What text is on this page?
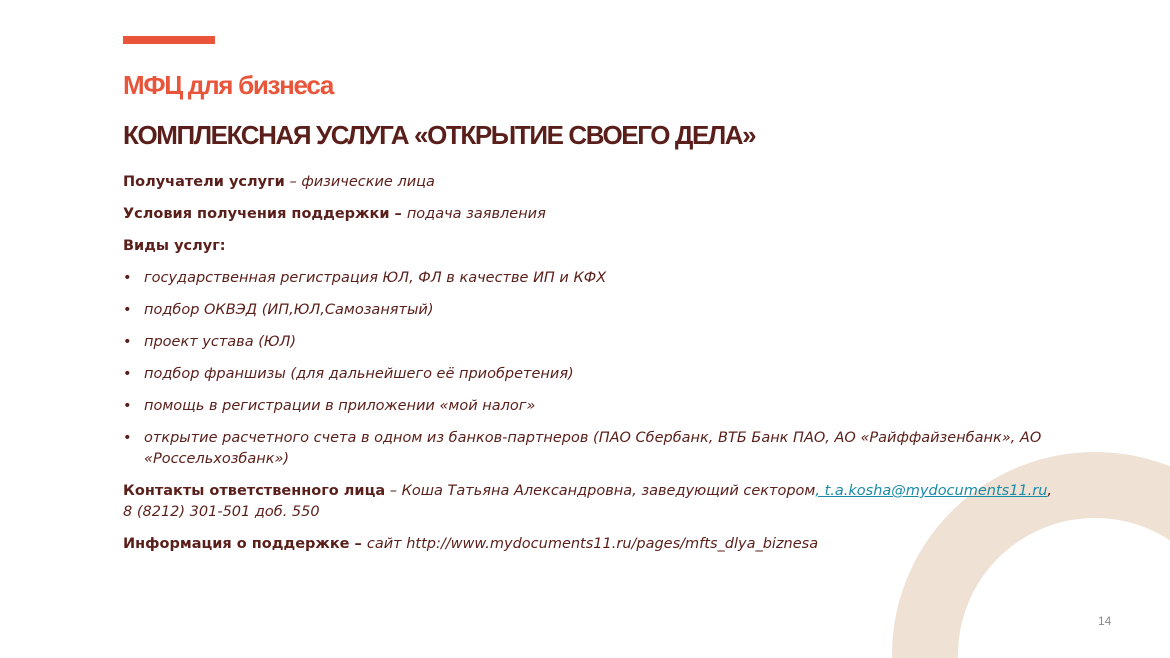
МФЦ для бизнеса
КОМПЛЕКСНАЯ УСЛУГА «ОТКРЫТИЕ СВОЕГО ДЕЛА»
Получатели услуги – физические лица
Условия получения поддержки – подача заявления
Виды услуг:
• государственная регистрация ЮЛ, ФЛ в качестве ИП и КФХ
• подбор ОКВЭД (ИП,ЮЛ,Самозанятый)
• проект устава (ЮЛ)
• подбор франшизы (для дальнейшего её приобретения)
• помощь в регистрации в приложении «мой налог»
• открытие расчетного счета в одном из банков-партнеров (ПАО Сбербанк, ВТБ Банк ПАО, АО «Райффайзенбанк», АО «Россельхозбанк»)
Контакты ответственного лица – Коша Татьяна Александровна, заведующий сектором, t.a.kosha@mydocuments11.ru,
8 (8212) 301-501 доб. 550
Информация о поддержке – сайт http://www.mydocuments11.ru/pages/mfts_dlya_biznesa
14
